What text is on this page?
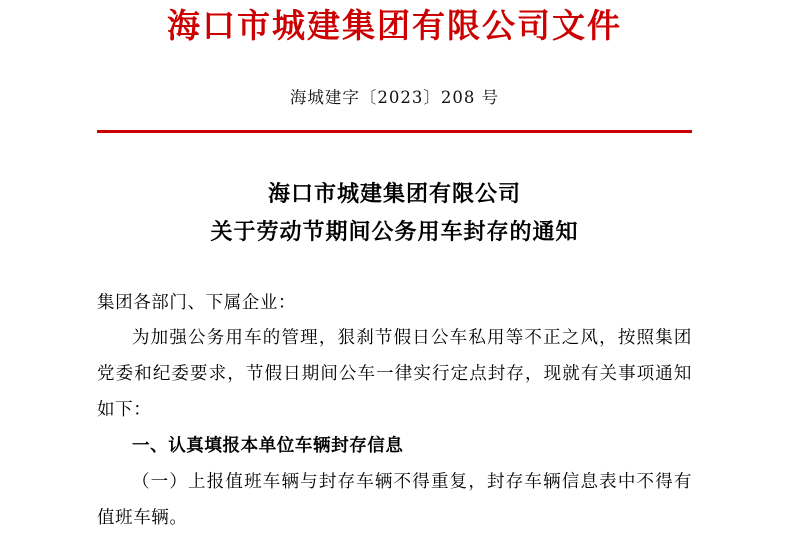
海口市城建集团有限公司文件
海城建字〔2023〕208 号
海口市城建集团有限公司
关于劳动节期间公务用车封存的通知

集团各部门、下属企业：

为加强公务用车的管理，狠刹节假日公车私用等不正之风，按照集团党委和纪委要求，节假日期间公车一律实行定点封存，现就有关事项通知如下：

一、认真填报本单位车辆封存信息

（一）上报值班车辆与封存车辆不得重复，封存车辆信息表中不得有值班车辆。
